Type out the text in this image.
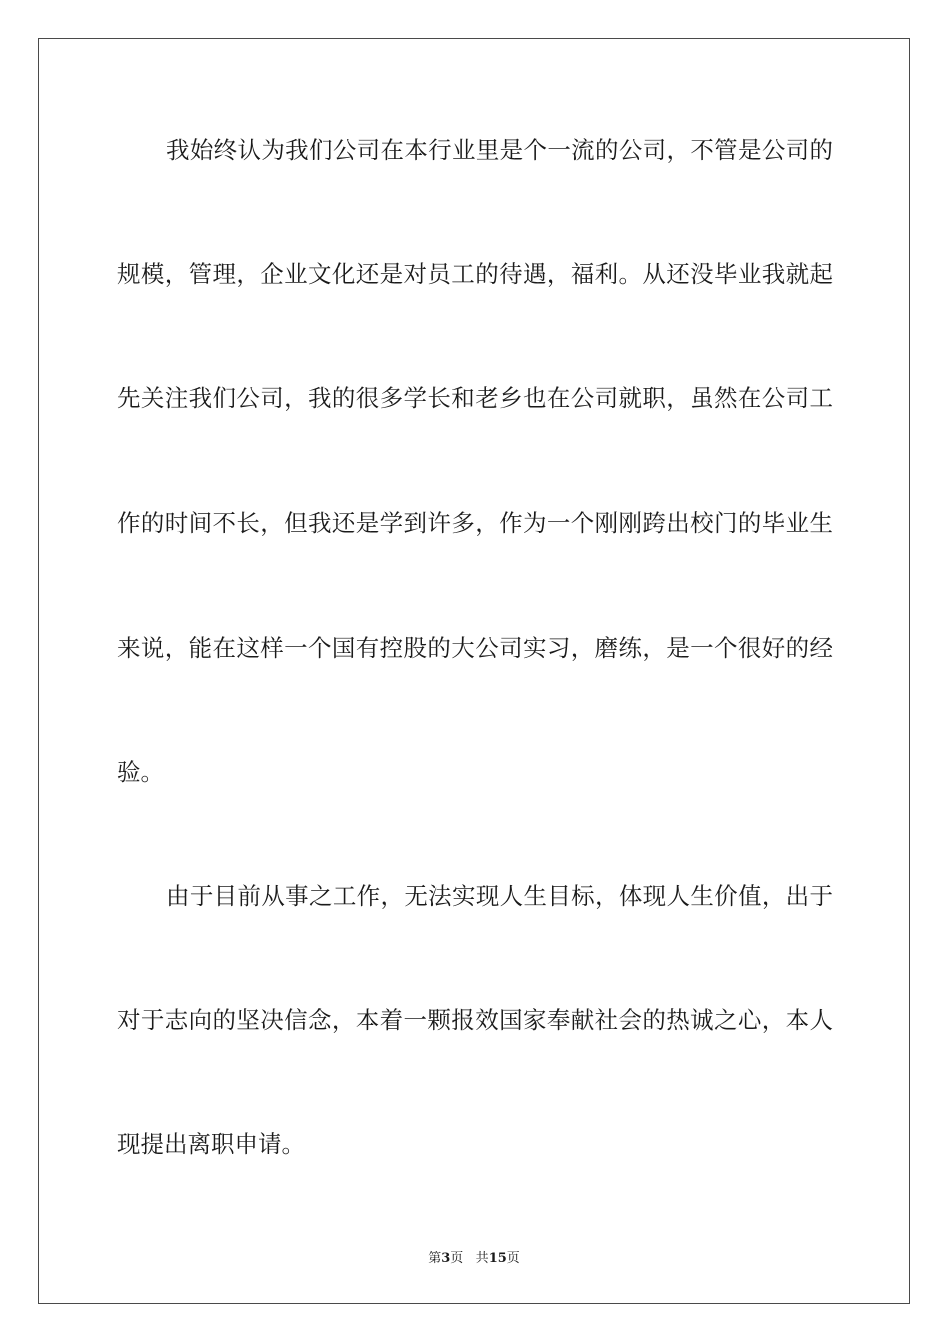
我始终认为我们公司在本行业里是个一流的公司，不管是公司的
规模，管理，企业文化还是对员工的待遇，福利。从还没毕业我就起
先关注我们公司，我的很多学长和老乡也在公司就职，虽然在公司工
作的时间不长，但我还是学到许多，作为一个刚刚跨出校门的毕业生
来说，能在这样一个国有控股的大公司实习，磨练，是一个很好的经
验。
由于目前从事之工作，无法实现人生目标，体现人生价值，出于
对于志向的坚决信念，本着一颗报效国家奉献社会的热诚之心，本人
现提出离职申请。
第3页 共15页
